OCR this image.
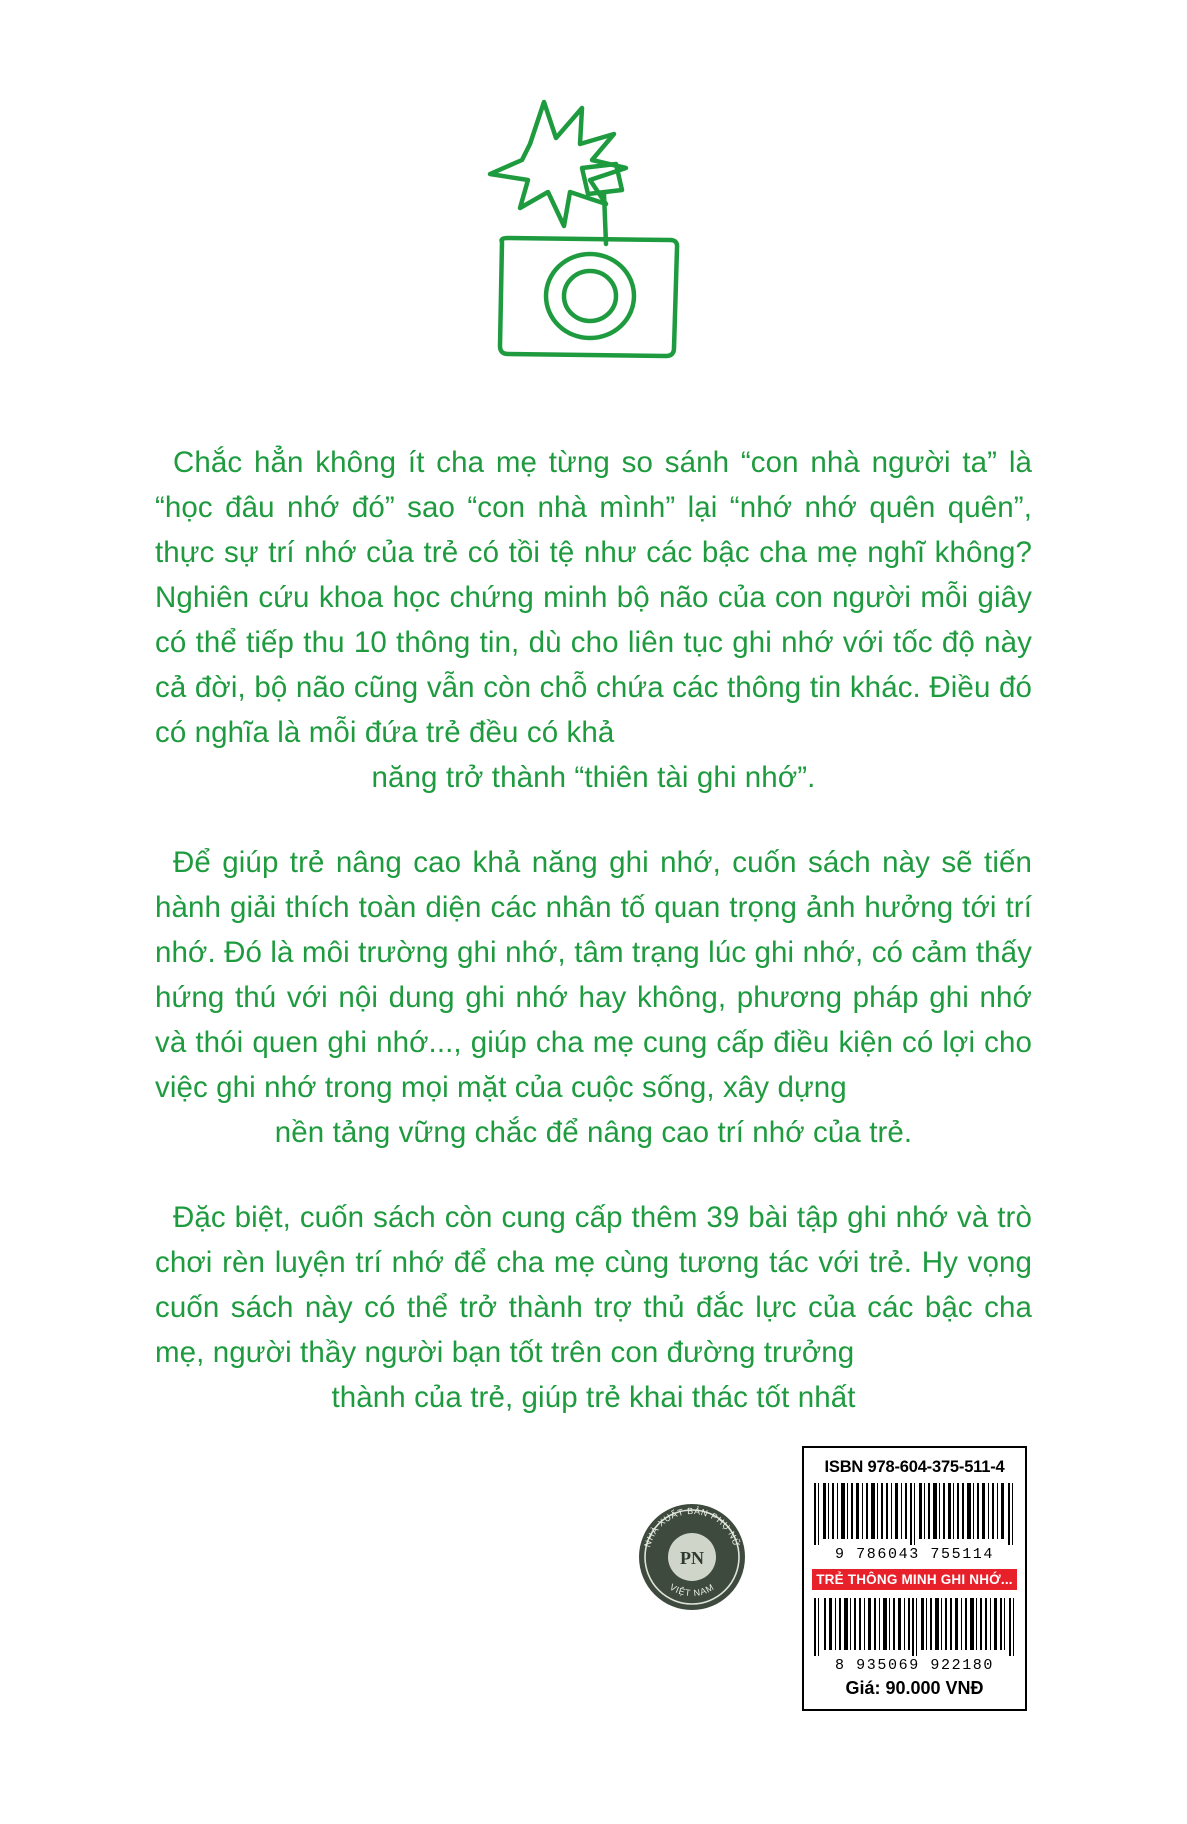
Chắc hẳn không ít cha mẹ từng so sánh “con nhà người ta” là “học đâu nhớ đó” sao “con nhà mình” lại “nhớ nhớ quên quên”, thực sự trí nhớ của trẻ có tồi tệ như các bậc cha mẹ nghĩ không? Nghiên cứu khoa học chứng minh bộ não của con người mỗi giây có thể tiếp thu 10 thông tin, dù cho liên tục ghi nhớ với tốc độ này cả đời, bộ não cũng vẫn còn chỗ chứa các thông tin khác. Điều đó có nghĩa là mỗi đứa trẻ đều có khả
năng trở thành “thiên tài ghi nhớ”.

Để giúp trẻ nâng cao khả năng ghi nhớ, cuốn sách này sẽ tiến hành giải thích toàn diện các nhân tố quan trọng ảnh hưởng tới trí nhớ. Đó là môi trường ghi nhớ, tâm trạng lúc ghi nhớ, có cảm thấy hứng thú với nội dung ghi nhớ hay không, phương pháp ghi nhớ và thói quen ghi nhớ..., giúp cha mẹ cung cấp điều kiện có lợi cho việc ghi nhớ trong mọi mặt của cuộc sống, xây dựng
nền tảng vững chắc để nâng cao trí nhớ của trẻ.

Đặc biệt, cuốn sách còn cung cấp thêm 39 bài tập ghi nhớ và trò chơi rèn luyện trí nhớ để cha mẹ cùng tương tác với trẻ. Hy vọng cuốn sách này có thể trở thành trợ thủ đắc lực của các bậc cha mẹ, người thầy người bạn tốt trên con đường trưởng
thành của trẻ, giúp trẻ khai thác tốt nhất

NHÀ XUẤT BẢN PHỤ NỮ
VIỆT NAM
PN
ISBN 978-604-375-511-4
9 786043 755114
TRẺ THÔNG MINH GHI NHỚ...
8 935069 922180
Giá: 90.000 VNĐ
